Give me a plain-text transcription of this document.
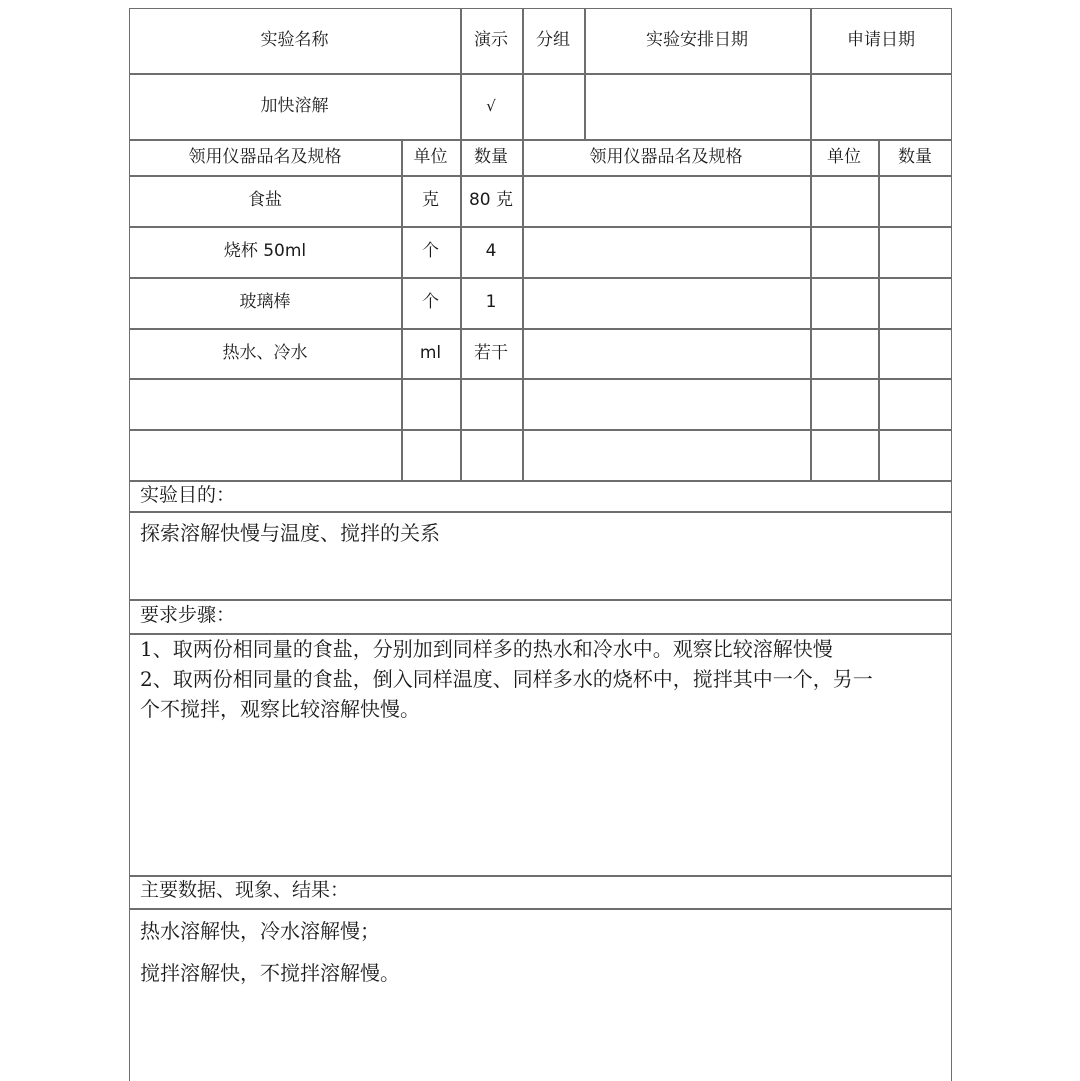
实验名称	演示	分组	实验安排日期	申请日期
加快溶解	√
领用仪器品名及规格	单位	数量	领用仪器品名及规格	单位	数量
食盐	克	80 克
烧杯 50ml	个	4
玻璃棒	个	1
热水、冷水	ml	若干
实验目的：
探索溶解快慢与温度、搅拌的关系
要求步骤：
1、取两份相同量的食盐，分别加到同样多的热水和冷水中。观察比较溶解快慢
2、取两份相同量的食盐，倒入同样温度、同样多水的烧杯中，搅拌其中一个，另一
个不搅拌，观察比较溶解快慢。
主要数据、现象、结果：
热水溶解快，冷水溶解慢；
搅拌溶解快，不搅拌溶解慢。
